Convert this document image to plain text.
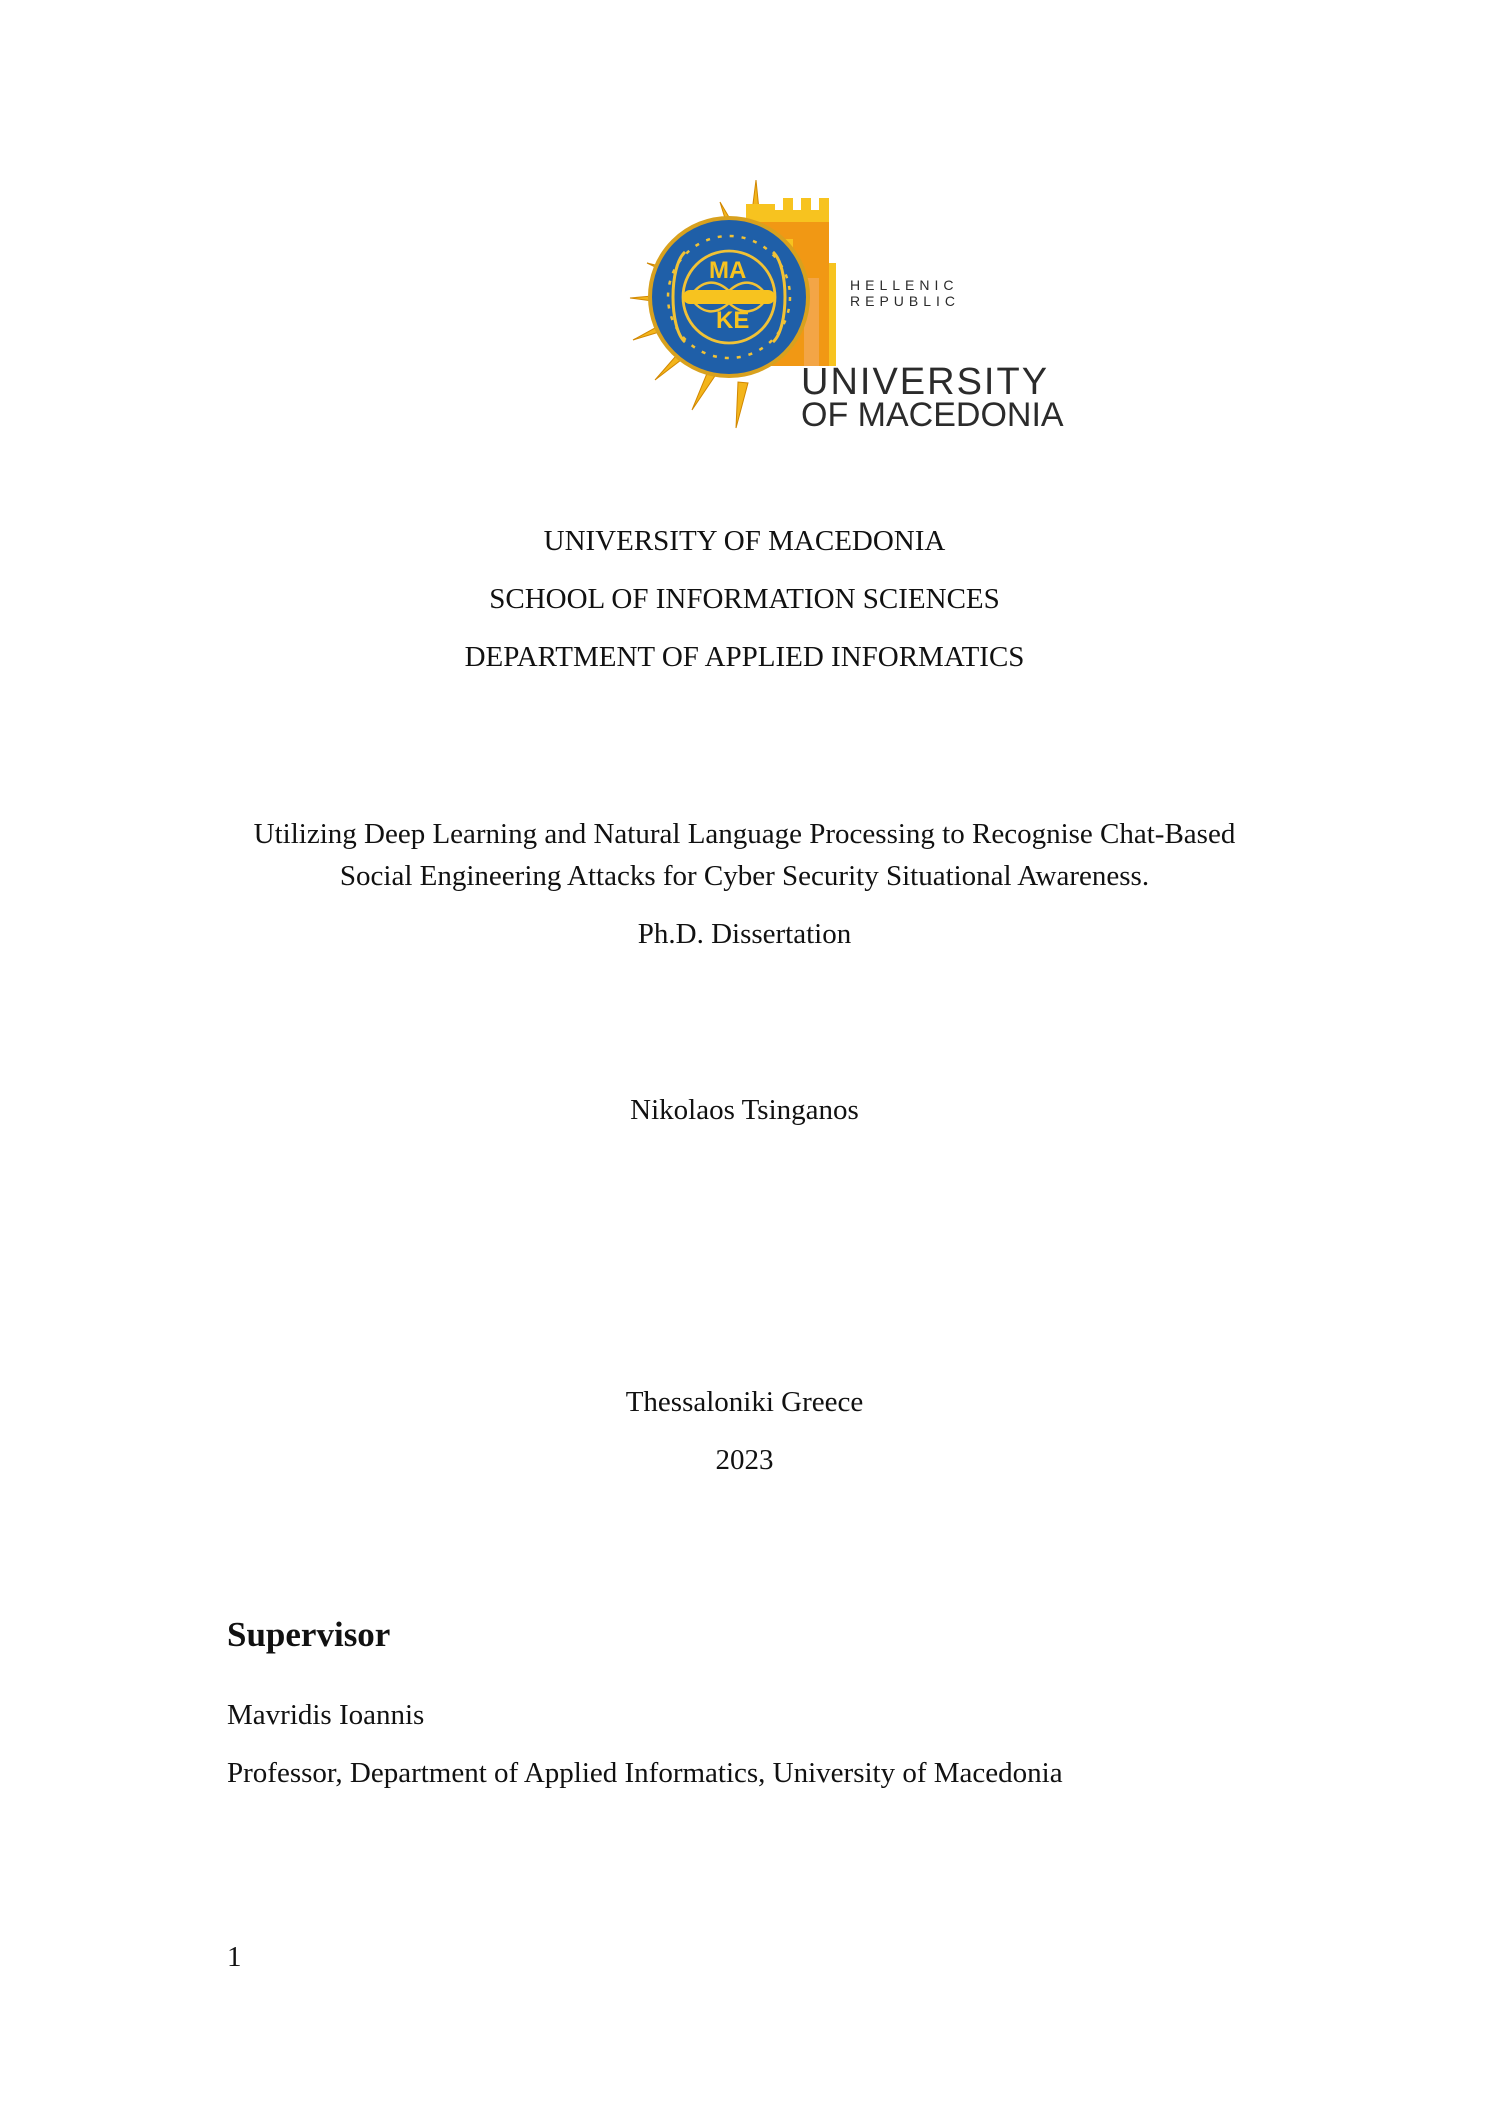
MA
KE
HELLENIC
REPUBLIC
UNIVERSITY
OF MACEDONIA
UNIVERSITY OF MACEDONIA
SCHOOL OF INFORMATION SCIENCES
DEPARTMENT OF APPLIED INFORMATICS
Utilizing Deep Learning and Natural Language Processing to Recognise Chat-Based
Social Engineering Attacks for Cyber Security Situational Awareness.
Ph.D. Dissertation
Nikolaos Tsinganos
Thessaloniki Greece
2023
Supervisor
Mavridis Ioannis
Professor, Department of Applied Informatics, University of Macedonia
1
